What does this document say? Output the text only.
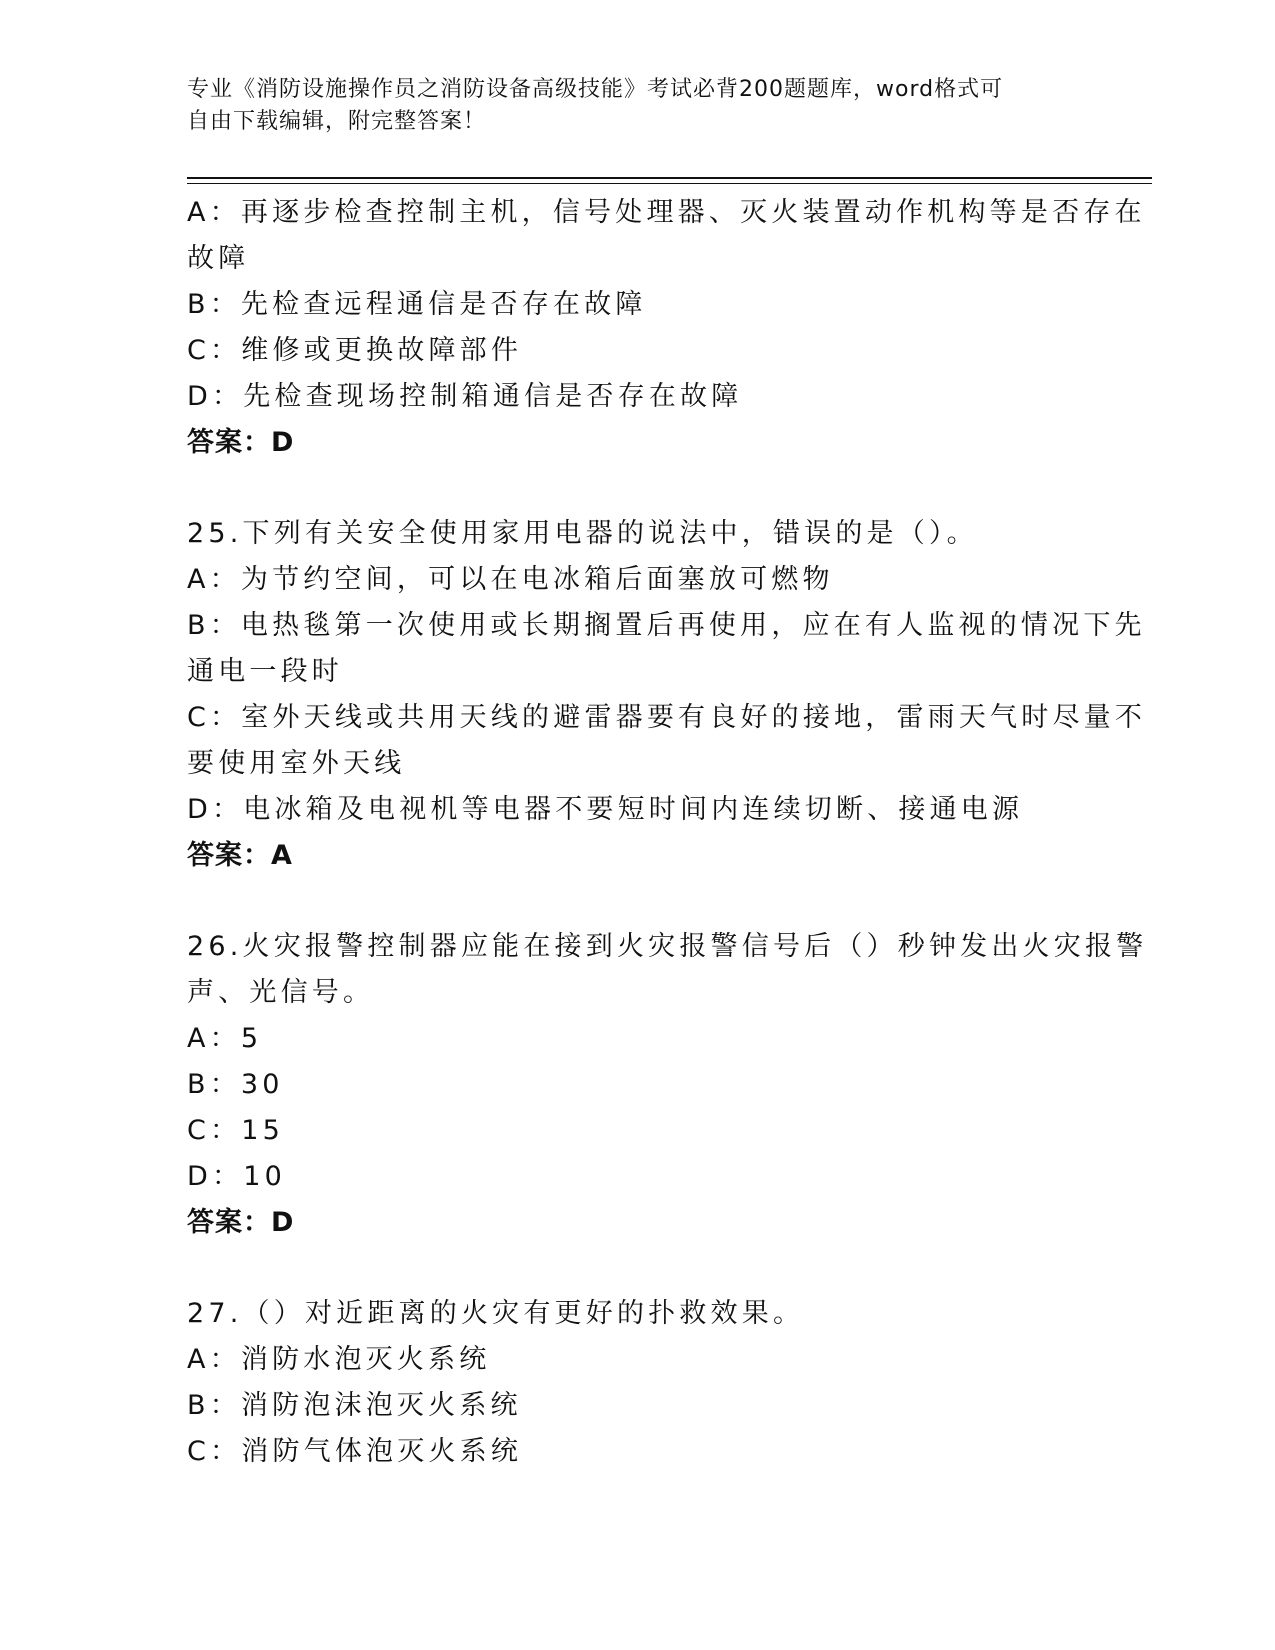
专业《消防设施操作员之消防设备高级技能》考试必背200题题库，word格式可
自由下载编辑，附完整答案！
A：再逐步检查控制主机，信号处理器、灭火装置动作机构等是否存在
故障
B：先检查远程通信是否存在故障
C：维修或更换故障部件
D：先检查现场控制箱通信是否存在故障
答案：D
25.下列有关安全使用家用电器的说法中，错误的是（）。
A：为节约空间，可以在电冰箱后面塞放可燃物
B：电热毯第一次使用或长期搁置后再使用，应在有人监视的情况下先
通电一段时
C：室外天线或共用天线的避雷器要有良好的接地，雷雨天气时尽量不
要使用室外天线
D：电冰箱及电视机等电器不要短时间内连续切断、接通电源
答案：A
26.火灾报警控制器应能在接到火灾报警信号后（）秒钟发出火灾报警
声、光信号。
A：5
B：30
C：15
D：10
答案：D
27.（）对近距离的火灾有更好的扑救效果。
A：消防水泡灭火系统
B：消防泡沫泡灭火系统
C：消防气体泡灭火系统
